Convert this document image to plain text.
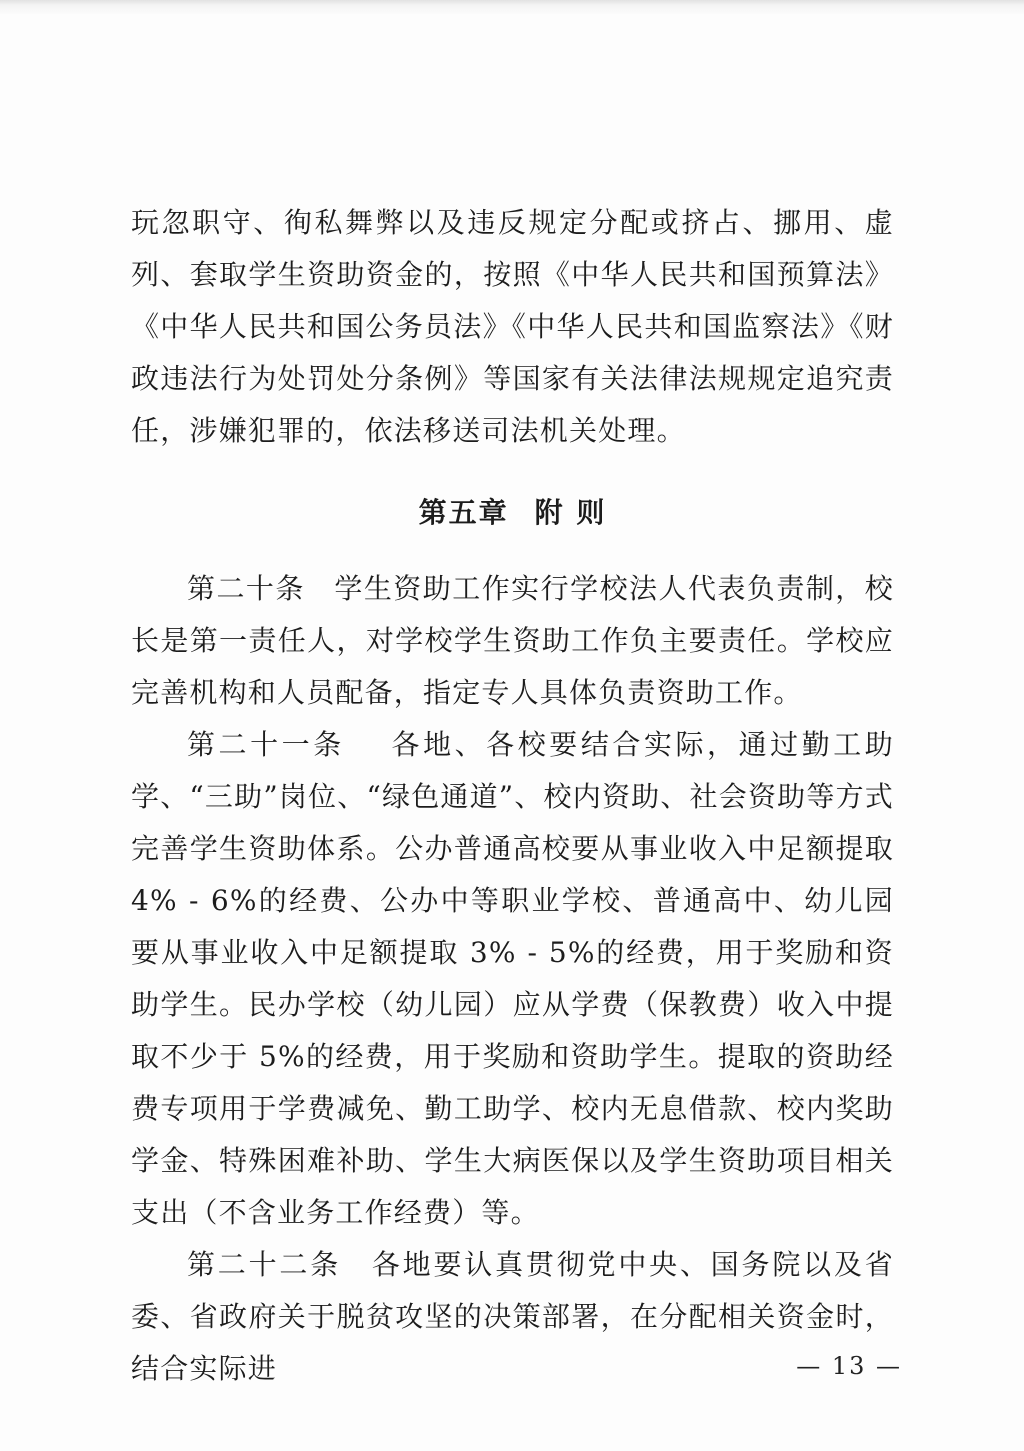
玩忽职守、徇私舞弊以及违反规定分配或挤占、挪用、虚列、套取学生资助资金的，按照《中华人民共和国预算法》《中华人民共和国公务员法》《中华人民共和国监察法》《财政违法行为处罚处分条例》等国家有关法律法规规定追究责任，涉嫌犯罪的，依法移送司法机关处理。

第五章 附 则

第二十条  学生资助工作实行学校法人代表负责制，校长是第一责任人，对学校学生资助工作负主要责任。学校应完善机构和人员配备，指定专人具体负责资助工作。

第二十一条   各地、各校要结合实际，通过勤工助学、“三助”岗位、“绿色通道”、校内资助、社会资助等方式完善学生资助体系。公办普通高校要从事业收入中足额提取 4% - 6%的经费、公办中等职业学校、普通高中、幼儿园要从事业收入中足额提取 3% - 5%的经费，用于奖励和资助学生。民办学校（幼儿园）应从学费（保教费）收入中提取不少于 5%的经费，用于奖励和资助学生。提取的资助经费专项用于学费减免、勤工助学、校内无息借款、校内奖助学金、特殊困难补助、学生大病医保以及学生资助项目相关支出（不含业务工作经费）等。

第二十二条  各地要认真贯彻党中央、国务院以及省委、省政府关于脱贫攻坚的决策部署，在分配相关资金时，结合实际进	— 13 —
